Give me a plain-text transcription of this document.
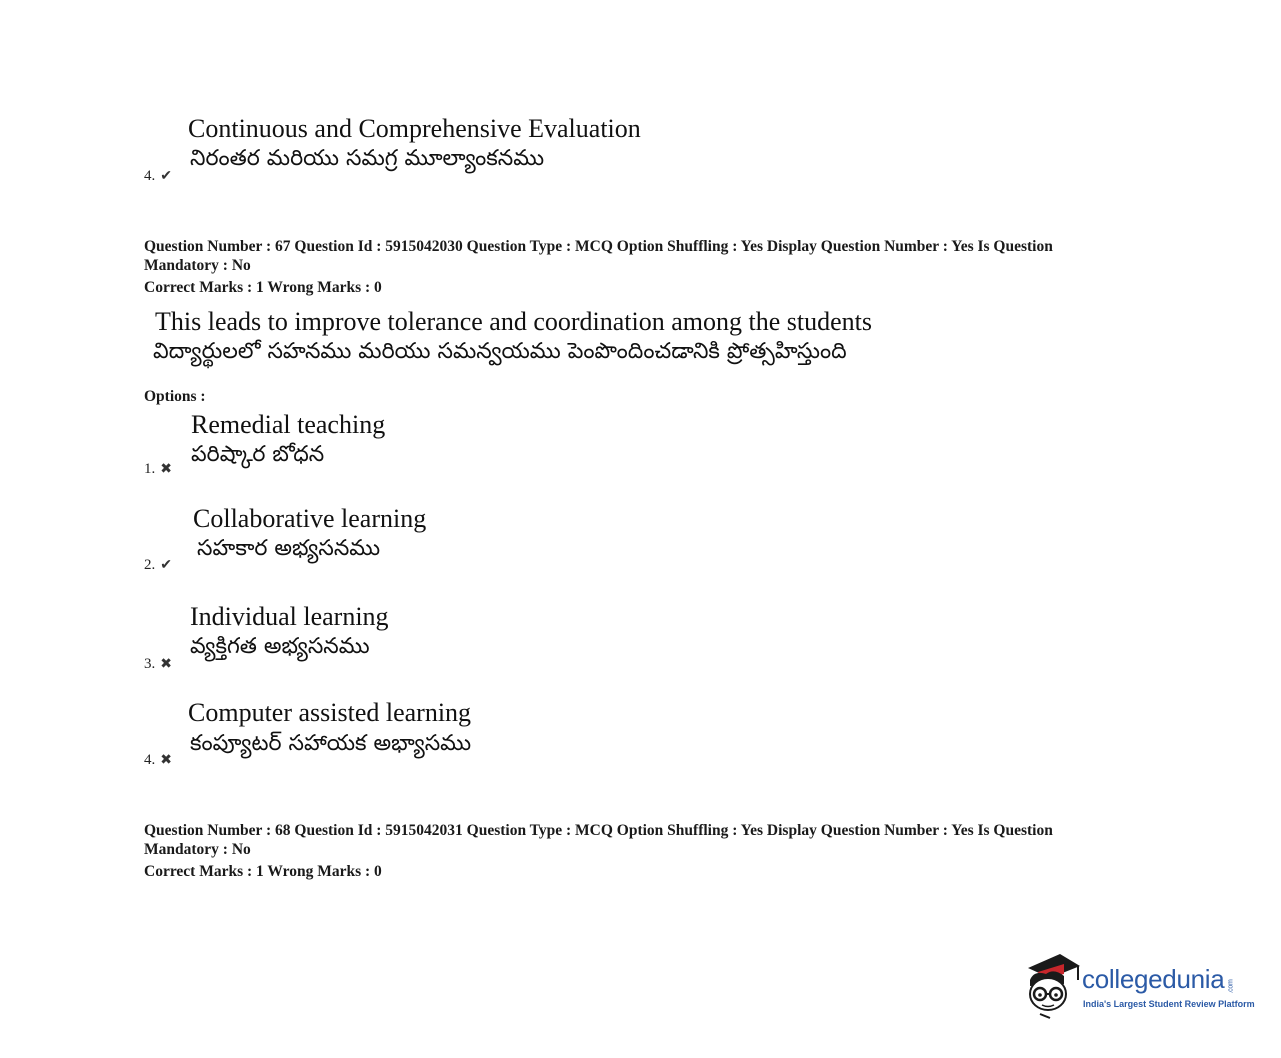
Continuous and Comprehensive Evaluation
నిరంతర మరియు సమగ్ర మూల్యాంకనము
4. ✔
Question Number : 67 Question Id : 5915042030 Question Type : MCQ Option Shuffling : Yes Display Question Number : Yes Is Question
Mandatory : No
Correct Marks : 1 Wrong Marks : 0
This leads to improve tolerance and coordination among the students
విద్యార్థులలో సహనము మరియు సమన్వయము పెంపొందించడానికి ప్రోత్సహిస్తుంది
Options :
Remedial teaching
పరిష్కార బోధన
1. ✖
Collaborative learning
సహకార అభ్యసనము
2. ✔
Individual learning
వ్యక్తిగత అభ్యసనము
3. ✖
Computer assisted learning
కంప్యూటర్ సహాయక అభ్యాసము
4. ✖
Question Number : 68 Question Id : 5915042031 Question Type : MCQ Option Shuffling : Yes Display Question Number : Yes Is Question
Mandatory : No
Correct Marks : 1 Wrong Marks : 0
collegedunia .com
India's Largest Student Review Platform
